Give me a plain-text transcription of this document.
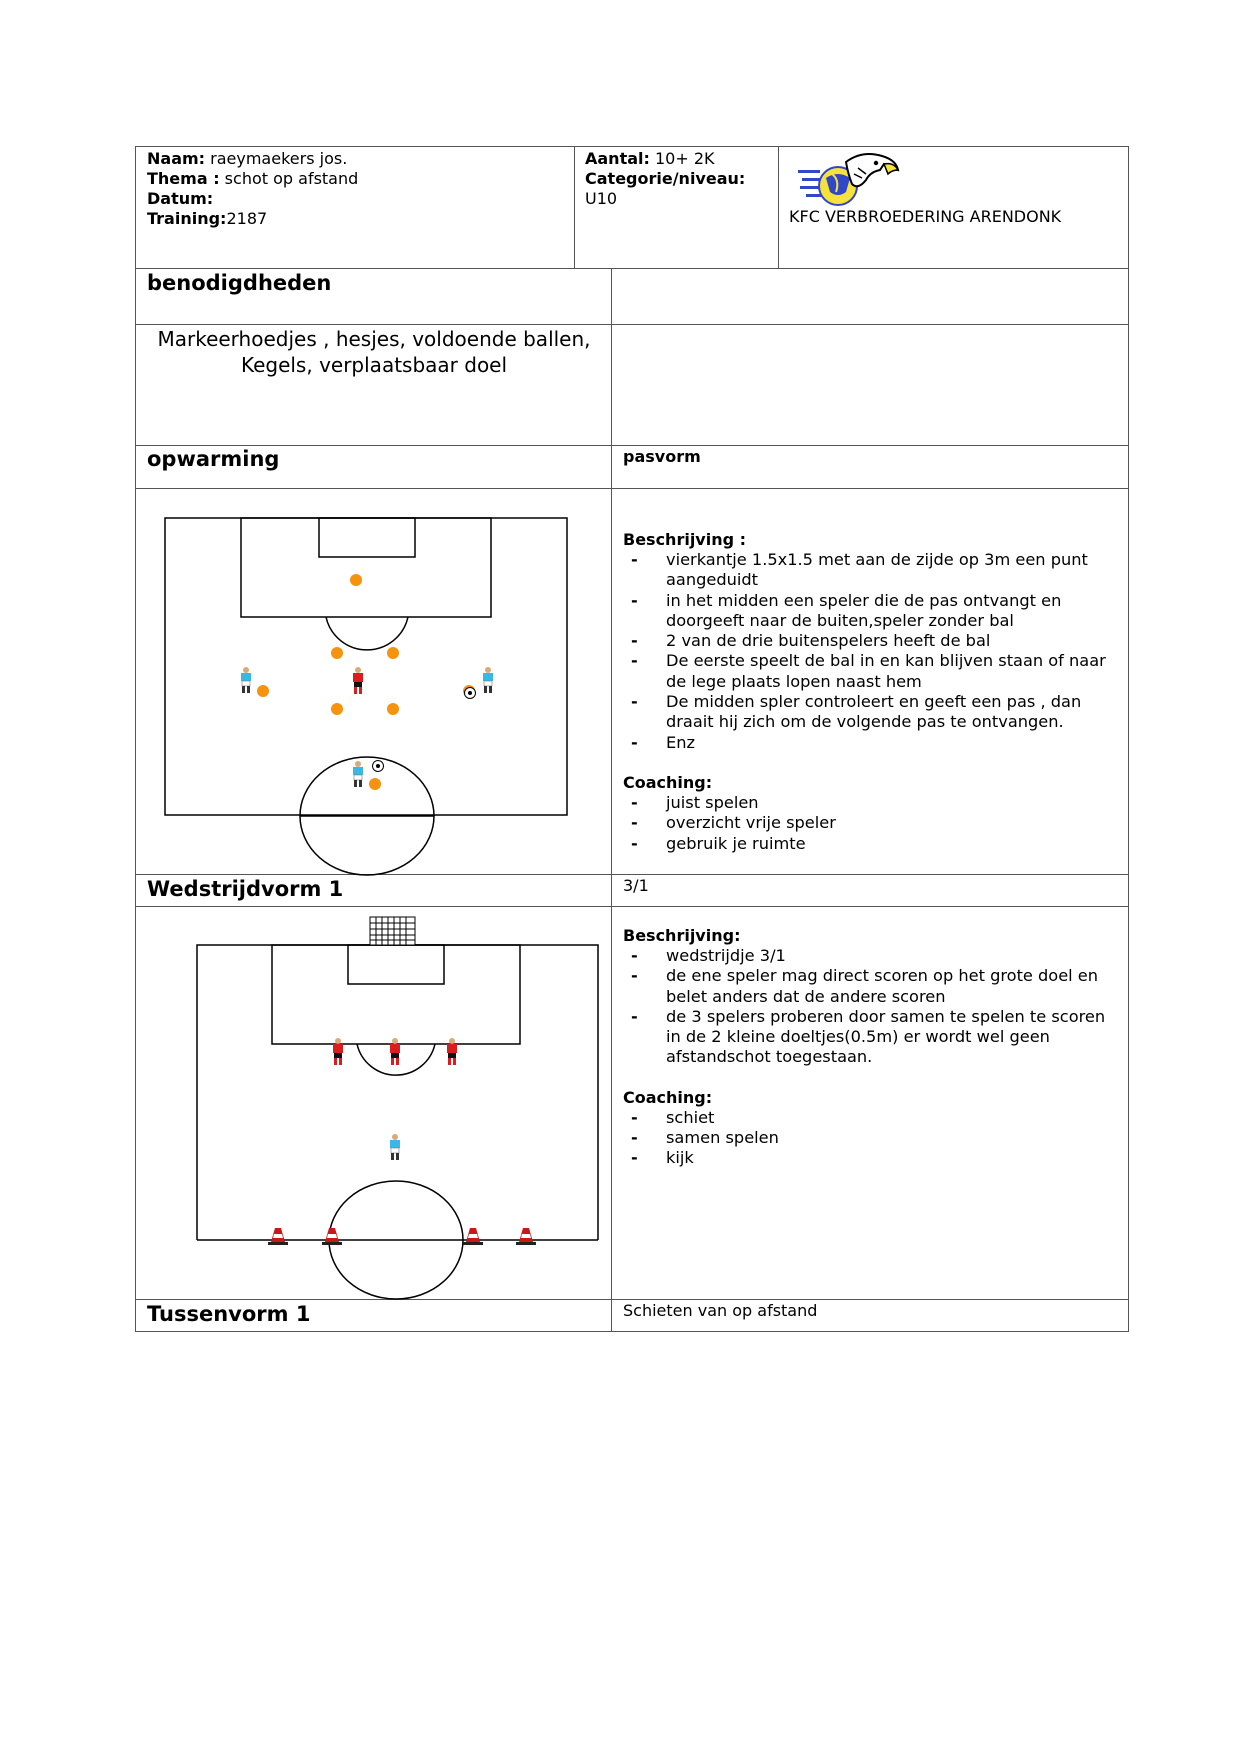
Naam: raeymaekers jos.
Thema : schot op afstand
Datum:
Training:2187
Aantal: 10+ 2K
Categorie/niveau:
U10
KFC VERBROEDERING ARENDONK
benodigdheden
Markeerhoedjes , hesjes, voldoende ballen,
Kegels, verplaatsbaar doel
opwarming	pasvorm
Beschrijving :
- vierkantje 1.5x1.5 met aan de zijde op 3m een punt aangeduidt
- in het midden een speler die de pas ontvangt en doorgeeft naar de buiten,speler zonder bal
- 2 van de drie buitenspelers heeft de bal
- De eerste speelt de bal in en kan blijven staan of naar de lege plaats lopen naast hem
- De midden spler controleert en geeft een pas , dan draait hij zich om de volgende pas te ontvangen.
- Enz
Coaching:
- juist spelen
- overzicht vrije speler
- gebruik je ruimte
Wedstrijdvorm 1	3/1
Beschrijving:
- wedstrijdje 3/1
- de ene speler mag direct scoren op het grote doel en belet anders dat de andere scoren
- de 3 spelers proberen door samen te spelen te scoren in de 2 kleine doeltjes(0.5m) er wordt wel geen afstandschot toegestaan.
Coaching:
- schiet
- samen spelen
- kijk
Tussenvorm 1	Schieten van op afstand
